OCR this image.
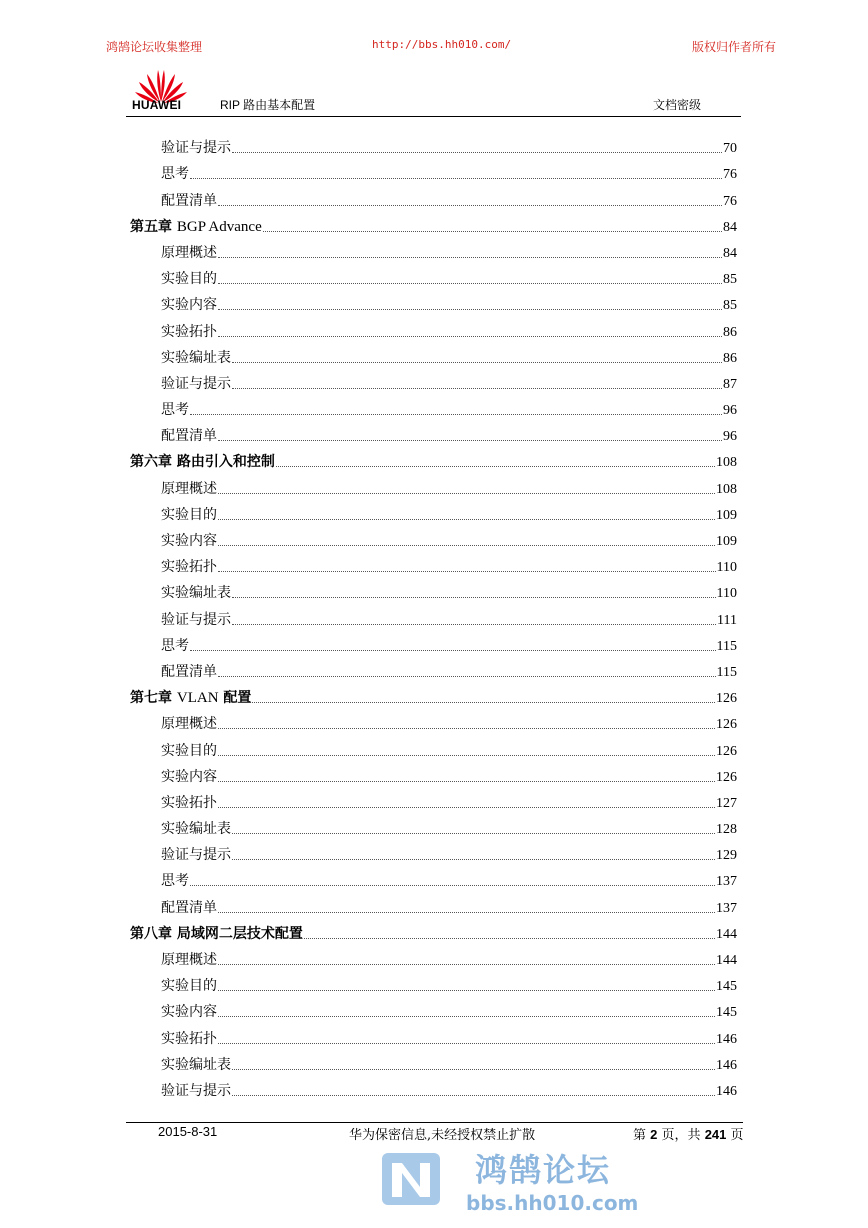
鸿鹄论坛收集整理	http://bbs.hh010.com/	版权归作者所有
HUAWEI	RIP 路由基本配置	文档密级
验证与提示	70
思考	76
配置清单	76
第五章 BGP Advance	84
原理概述	84
实验目的	85
实验内容	85
实验拓扑	86
实验编址表	86
验证与提示	87
思考	96
配置清单	96
第六章 路由引入和控制	108
原理概述	108
实验目的	109
实验内容	109
实验拓扑	110
实验编址表	110
验证与提示	111
思考	115
配置清单	115
第七章 VLAN 配置	126
原理概述	126
实验目的	126
实验内容	126
实验拓扑	127
实验编址表	128
验证与提示	129
思考	137
配置清单	137
第八章 局域网二层技术配置	144
原理概述	144
实验目的	145
实验内容	145
实验拓扑	146
实验编址表	146
验证与提示	146
2015-8-31	华为保密信息,未经授权禁止扩散	第 2 页，共 241 页
鸿鹄论坛
bbs.hh010.com
